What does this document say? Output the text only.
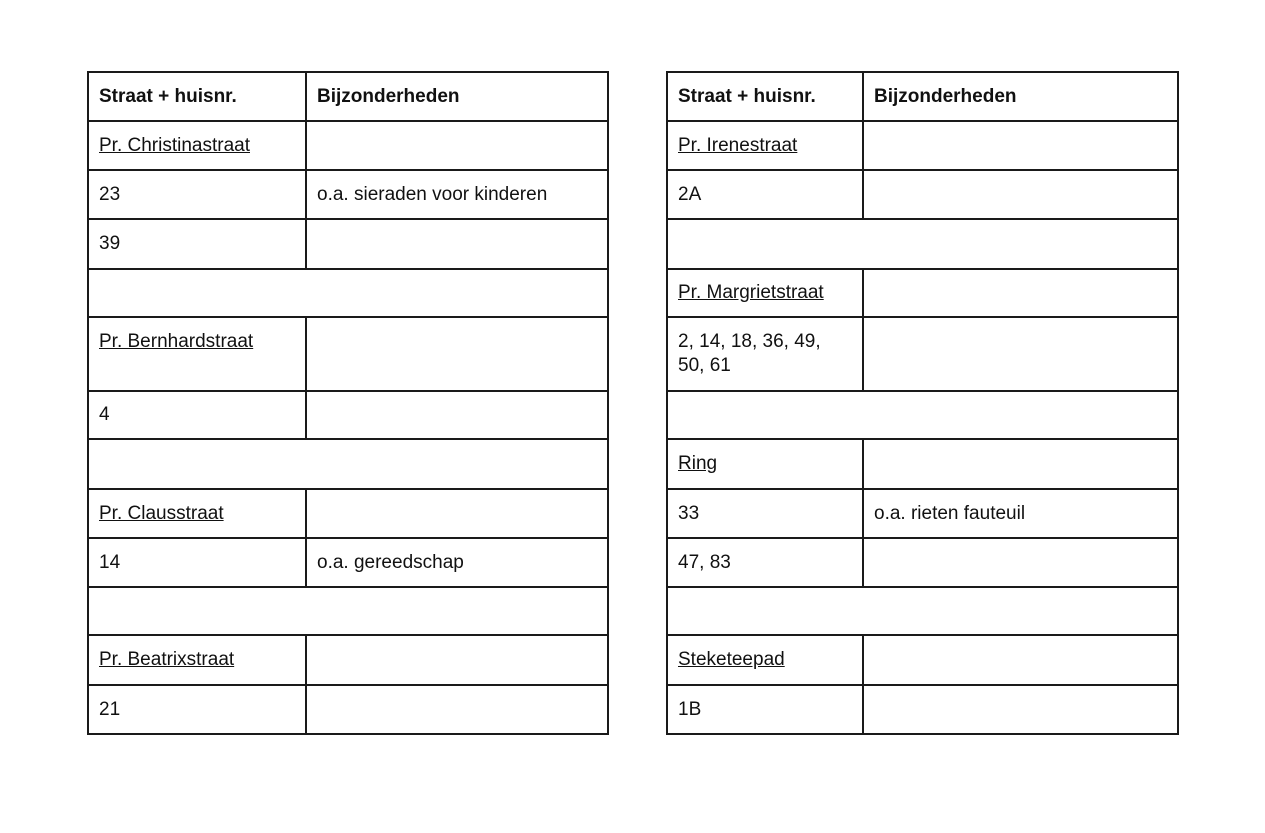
Straat + huisnr.	Bijzonderheden
Pr. Christinastraat	
23	o.a. sieraden voor kinderen
39	

Pr. Bernhardstraat	
4	

Pr. Clausstraat	
14	o.a. gereedschap

Pr. Beatrixstraat	
21	
Straat + huisnr.	Bijzonderheden
Pr. Irenestraat	
2A	

Pr. Margrietstraat	
2, 14, 18, 36, 49, 50, 61	

Ring	
33	o.a. rieten fauteuil
47, 83	

Steketeepad	
1B	
